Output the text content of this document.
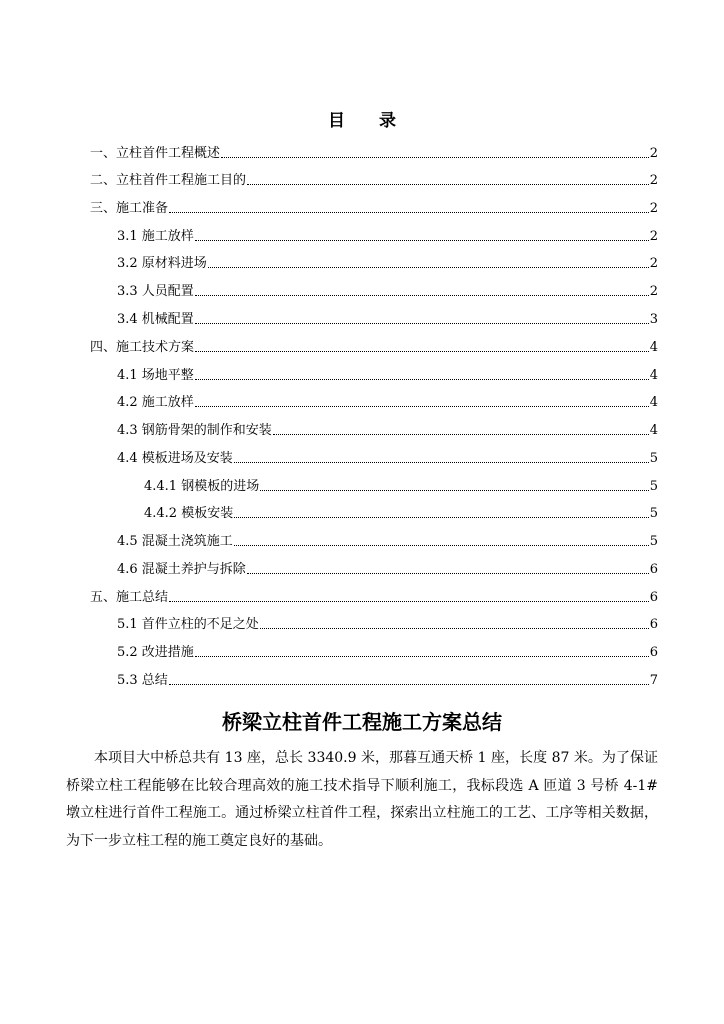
目 录
一、立柱首件工程概述	2
二、立柱首件工程施工目的	2
三、施工准备	2
3.1 施工放样	2
3.2 原材料进场	2
3.3 人员配置	2
3.4 机械配置	3
四、施工技术方案	4
4.1 场地平整	4
4.2 施工放样	4
4.3 钢筋骨架的制作和安装	4
4.4 模板进场及安装	5
4.4.1 钢模板的进场	5
4.4.2 模板安装	5
4.5 混凝土浇筑施工	5
4.6 混凝土养护与拆除	6
五、施工总结	6
5.1 首件立柱的不足之处	6
5.2 改进措施	6
5.3 总结	7
桥梁立柱首件工程施工方案总结

本项目大中桥总共有 13 座，总长 3340.9 米，那暮互通天桥 1 座，长度 87 米。为了保证桥梁立柱工程能够在比较合理高效的施工技术指导下顺利施工，我标段选 A 匝道 3 号桥 4-1# 墩立柱进行首件工程施工。通过桥梁立柱首件工程，探索出立柱施工的工艺、工序等相关数据，为下一步立柱工程的施工奠定良好的基础。
